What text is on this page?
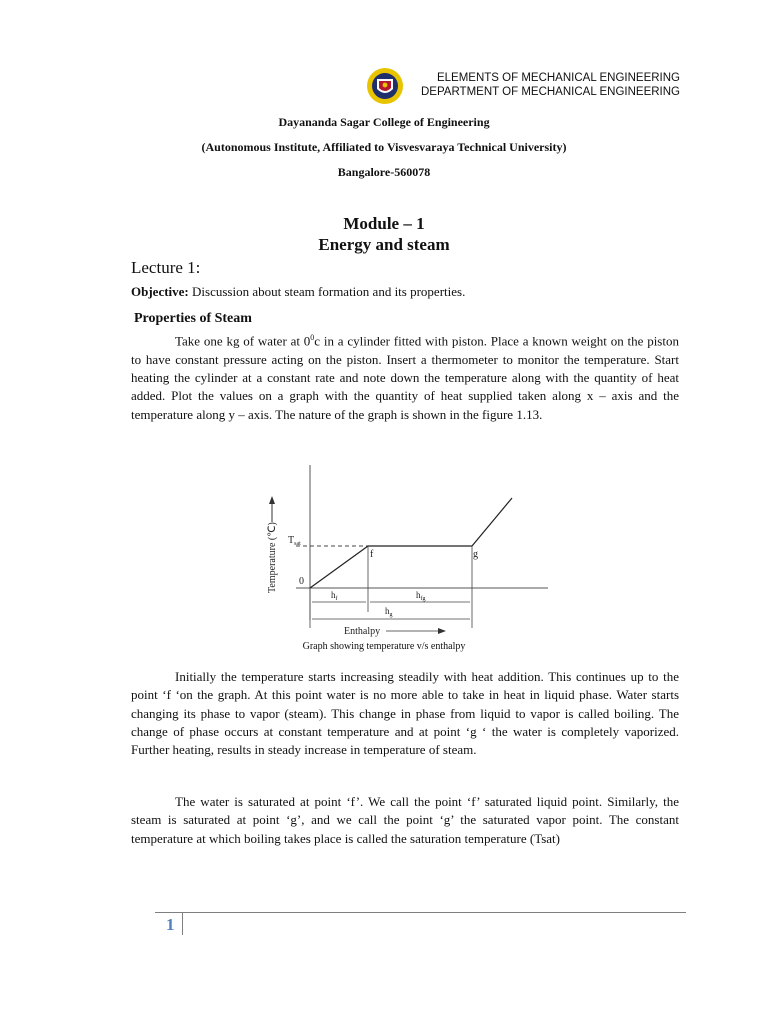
ELEMENTS OF MECHANICAL ENGINEERING
DEPARTMENT OF MECHANICAL ENGINEERING
Dayananda Sagar College of Engineering
(Autonomous Institute, Affiliated to Visvesvaraya Technical University)
Bangalore-560078
Module – 1
Energy and steam
Lecture 1:
Objective: Discussion about steam formation and its properties.
Properties of Steam
Take one kg of water at $0^0c$ in a cylinder fitted with piston. Place a known weight on the piston to have constant pressure acting on the piston. Insert a thermometer to monitor the temperature. Start heating the cylinder at a constant rate and note down the temperature along with the quantity of heat added. Plot the values on a graph with the quantity of heat supplied taken along x – axis and the temperature along y – axis. The nature of the graph is shown in the figure 1.13.
Temperature (℃) $T_{sat}$
0
f	g
$h_f$	$h_{fg}$
$h_g$
Enthalpy
Graph showing temperature v/s enthalpy
Initially the temperature starts increasing steadily with heat addition. This continues up to the point ‘f ‘on the graph. At this point water is no more able to take in heat in liquid phase. Water starts changing its phase to vapor (steam). This change in phase from liquid to vapor is called boiling. The change of phase occurs at constant temperature and at point ‘g ‘ the water is completely vaporized. Further heating, results in steady increase in temperature of steam.
The water is saturated at point ‘f’. We call the point ‘f’ saturated liquid point. Similarly, the steam is saturated at point ‘g’, and we call the point ‘g’ the saturated vapor point. The constant temperature at which boiling takes place is called the saturation temperature (Tsat)
1
